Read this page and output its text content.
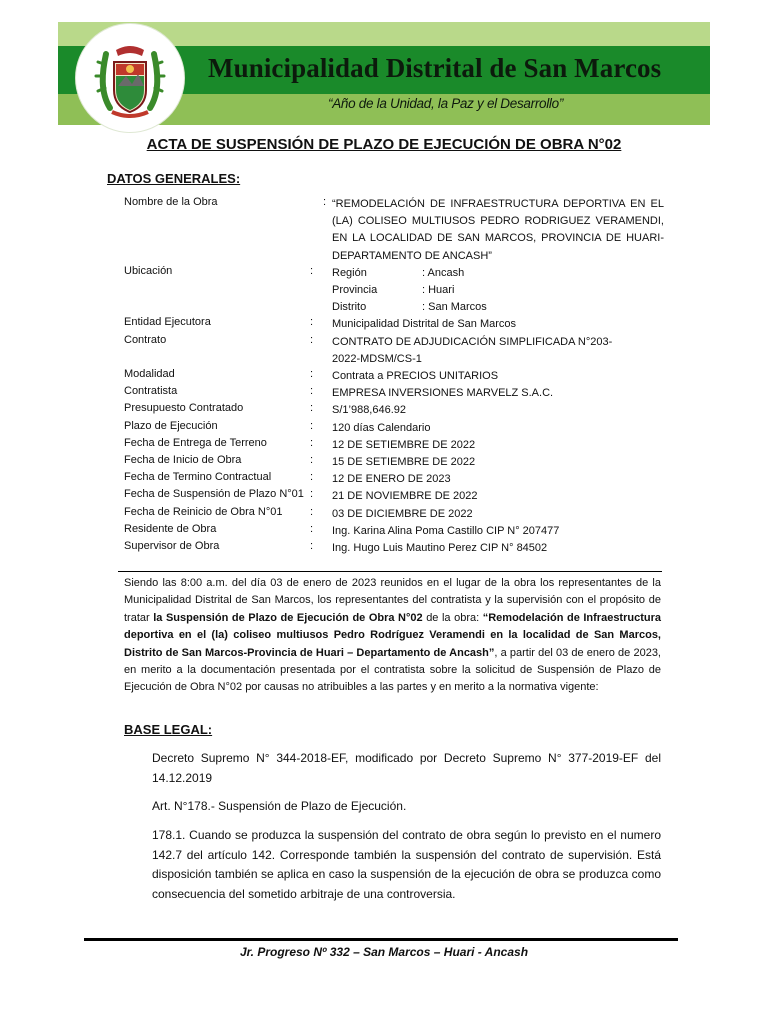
Municipalidad Distrital de San Marcos
“Año de la Unidad, la Paz y el Desarrollo”
ACTA DE SUSPENSIÓN DE PLAZO DE EJECUCIÓN DE OBRA N°02
DATOS GENERALES:
Nombre de la Obra	: “REMODELACIÓN DE INFRAESTRUCTURA DEPORTIVA EN EL (LA) COLISEO MULTIUSOS PEDRO RODRIGUEZ VERAMENDI, EN LA LOCALIDAD DE SAN MARCOS, PROVINCIA DE HUARI- DEPARTAMENTO DE ANCASH”
Ubicación	: Región	: Ancash
Provincia	: Huari
Distrito	: San Marcos
Entidad Ejecutora	: Municipalidad Distrital de San Marcos
Contrato	: CONTRATO DE ADJUDICACIÓN SIMPLIFICADA N°203-2022-MDSM/CS-1
Modalidad	: Contrata a PRECIOS UNITARIOS
Contratista	: EMPRESA INVERSIONES MARVELZ S.A.C.
Presupuesto Contratado	: S/1’988,646.92
Plazo de Ejecución	: 120 días Calendario
Fecha de Entrega de Terreno	: 12 DE SETIEMBRE DE 2022
Fecha de Inicio de Obra	: 15 DE SETIEMBRE DE 2022
Fecha de Termino Contractual	: 12 DE ENERO DE 2023
Fecha de Suspensión de Plazo N°01 : 21 DE NOVIEMBRE DE 2022
Fecha de Reinicio de Obra N°01	: 03 DE DICIEMBRE DE 2022
Residente de Obra	: Ing. Karina Alina Poma Castillo CIP N° 207477
Supervisor de Obra	: Ing. Hugo Luis Mautino Perez CIP N° 84502
Siendo las 8:00 a.m. del día 03 de enero de 2023 reunidos en el lugar de la obra los representantes de la Municipalidad Distrital de San Marcos, los representantes del contratista y la supervisión con el propósito de tratar la Suspensión de Plazo de Ejecución de Obra N°02 de la obra: “Remodelación de Infraestructura deportiva en el (la) coliseo multiusos Pedro Rodríguez Veramendi en la localidad de San Marcos, Distrito de San Marcos-Provincia de Huari – Departamento de Ancash”, a partir del 03 de enero de 2023, en merito a la documentación presentada por el contratista sobre la solicitud de Suspensión de Plazo de Ejecución de Obra N°02 por causas no atribuibles a las partes y en merito a la normativa vigente:
BASE LEGAL:
Decreto Supremo N° 344-2018-EF, modificado por Decreto Supremo N° 377-2019-EF del 14.12.2019
Art. N°178.- Suspensión de Plazo de Ejecución.
178.1. Cuando se produzca la suspensión del contrato de obra según lo previsto en el numero 142.7 del artículo 142. Corresponde también la suspensión del contrato de supervisión. Está disposición también se aplica en caso la suspensión de la ejecución de obra se produzca como consecuencia del sometido arbitraje de una controversia.
Jr. Progreso Nº 332 – San Marcos – Huari - Ancash
